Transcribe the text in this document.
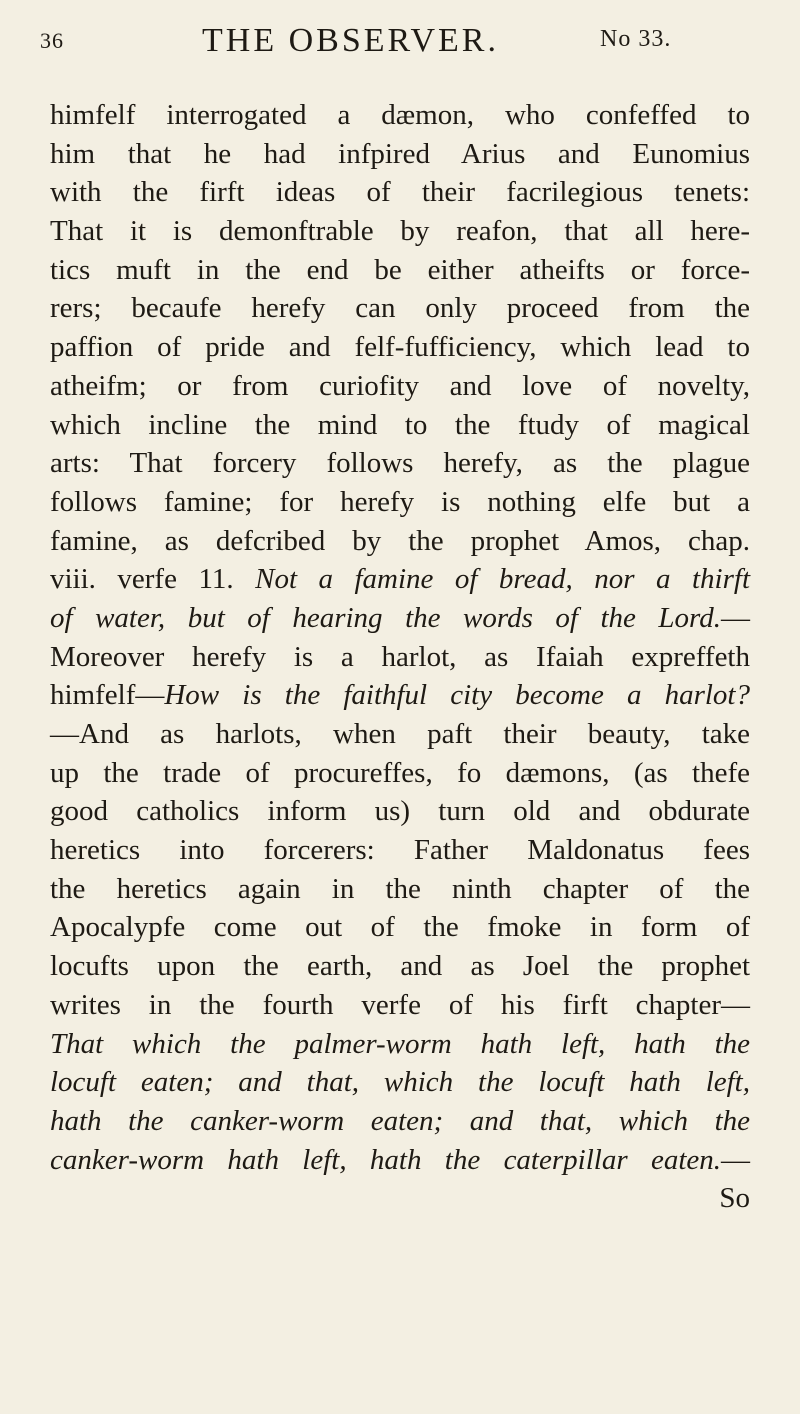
36	THE OBSERVER.	No 33.
himfelf interrogated a dæmon, who confeffed to
him that he had infpired Arius and Eunomius
with the firft ideas of their facrilegious tenets:
That it is demonftrable by reafon, that all here-
tics muft in the end be either atheifts or force-
rers; becaufe herefy can only proceed from the
paffion of pride and felf-fufficiency, which lead to
atheifm; or from curiofity and love of novelty,
which incline the mind to the ftudy of magical
arts: That forcery follows herefy, as the plague
follows famine; for herefy is nothing elfe but a
famine, as defcribed by the prophet Amos, chap.
viii. verfe 11. Not a famine of bread, nor a thirft
of water, but of hearing the words of the Lord.—
Moreover herefy is a harlot, as Ifaiah expreffeth
himfelf—How is the faithful city become a harlot?
—And as harlots, when paft their beauty, take
up the trade of procureffes, fo dæmons, (as thefe
good catholics inform us) turn old and obdurate
heretics into forcerers: Father Maldonatus fees
the heretics again in the ninth chapter of the
Apocalypfe come out of the fmoke in form of
locufts upon the earth, and as Joel the prophet
writes in the fourth verfe of his firft chapter—
That which the palmer-worm hath left, hath the
locuft eaten; and that, which the locuft hath left,
hath the canker-worm eaten; and that, which the
canker-worm hath left, hath the caterpillar eaten.—
So
